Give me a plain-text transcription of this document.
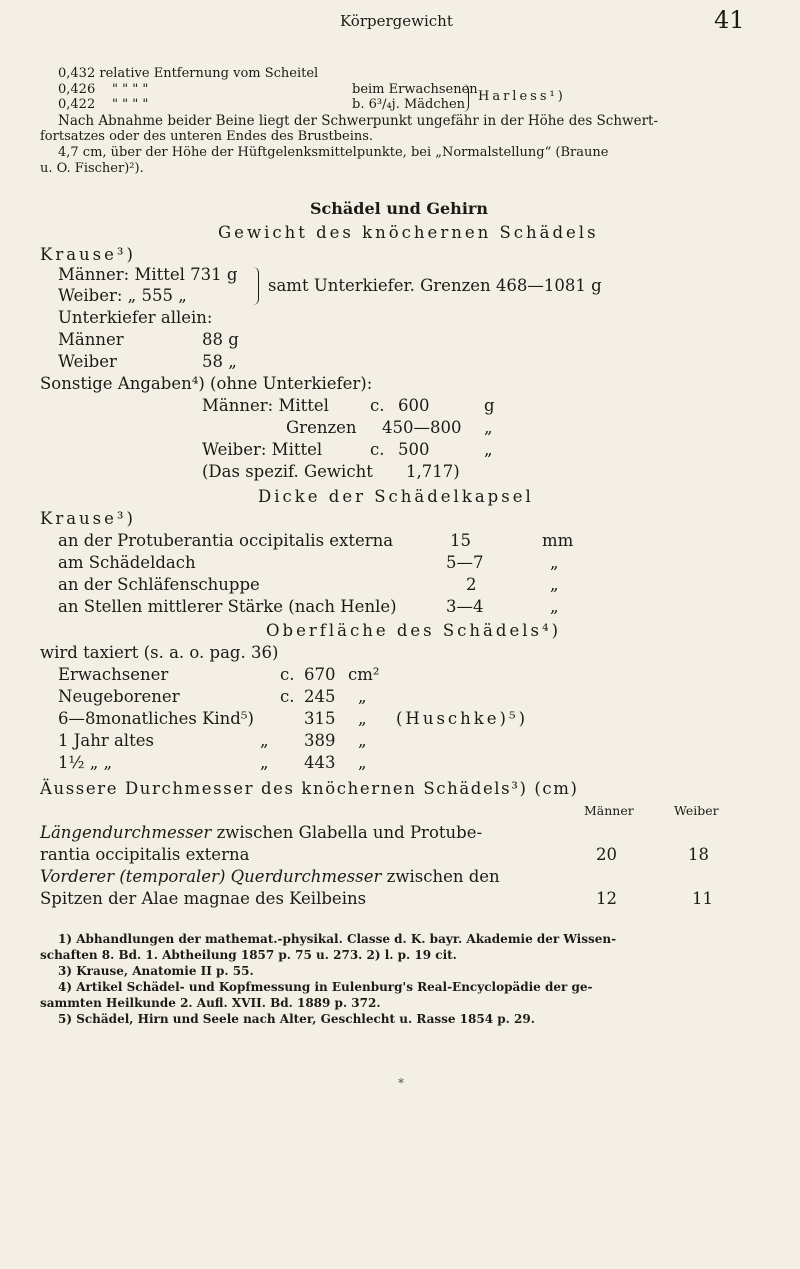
Körpergewicht	41
0,432 relative Entfernung vom Scheitel
0,426 " " " "	beim Erwachsenen
0,422 " " " "	b. 6³/₄j. Mädchen
Harless¹)
Nach Abnahme beider Beine liegt der Schwerpunkt ungefähr in der Höhe des Schwert-
fortsatzes oder des unteren Endes des Brustbeins.
4,7 cm, über der Höhe der Hüftgelenksmittelpunkte, bei „Normalstellung“ (Braune
u. O. Fischer)²).
Schädel und Gehirn
Gewicht des knöchernen Schädels
Krause³)
Männer: Mittel 731 g
Weiber: „ 555 „
samt Unterkiefer. Grenzen 468—1081 g
Unterkiefer allein:
Männer	88 g
Weiber	58 „
Sonstige Angaben⁴) (ohne Unterkiefer):
Männer: Mittel c. 600	g
Grenzen 450—800 „
Weiber: Mittel	c. 500	„
(Das spezif. Gewicht 1,717)
Dicke der Schädelkapsel
Krause³)
an der Protuberantia occipitalis externa	15	mm
am Schädeldach	5—7	„
an der Schläfenschuppe	2	„
an Stellen mittlerer Stärke (nach Henle)	3—4	„
Oberfläche des Schädels⁴)
wird taxiert (s. a. o. pag. 36)
Erwachsener	c. 670 cm²
Neugeborener	c. 245 „
6—8monatliches Kind⁵)	315 „ (Huschke)⁵)
1 Jahr altes	„ 389 „
1½ „ „	„ 443 „
Äussere Durchmesser des knöchernen Schädels³) (cm)
Männer	Weiber
Längendurchmesser zwischen Glabella und Protube-
rantia occipitalis externa	20	18
Vorderer (temporaler) Querdurchmesser zwischen den
Spitzen der Alae magnae des Keilbeins	12	11
1) Abhandlungen der mathemat.-physikal. Classe d. K. bayr. Akademie der Wissen-
schaften 8. Bd. 1. Abtheilung 1857 p. 75 u. 273. 2) l. p. 19 cit.
3) Krause, Anatomie II p. 55.
4) Artikel Schädel- und Kopfmessung in Eulenburg's Real-Encyclopädie der ge-
sammten Heilkunde 2. Aufl. XVII. Bd. 1889 p. 372.
5) Schädel, Hirn und Seele nach Alter, Geschlecht u. Rasse 1854 p. 29.
*
